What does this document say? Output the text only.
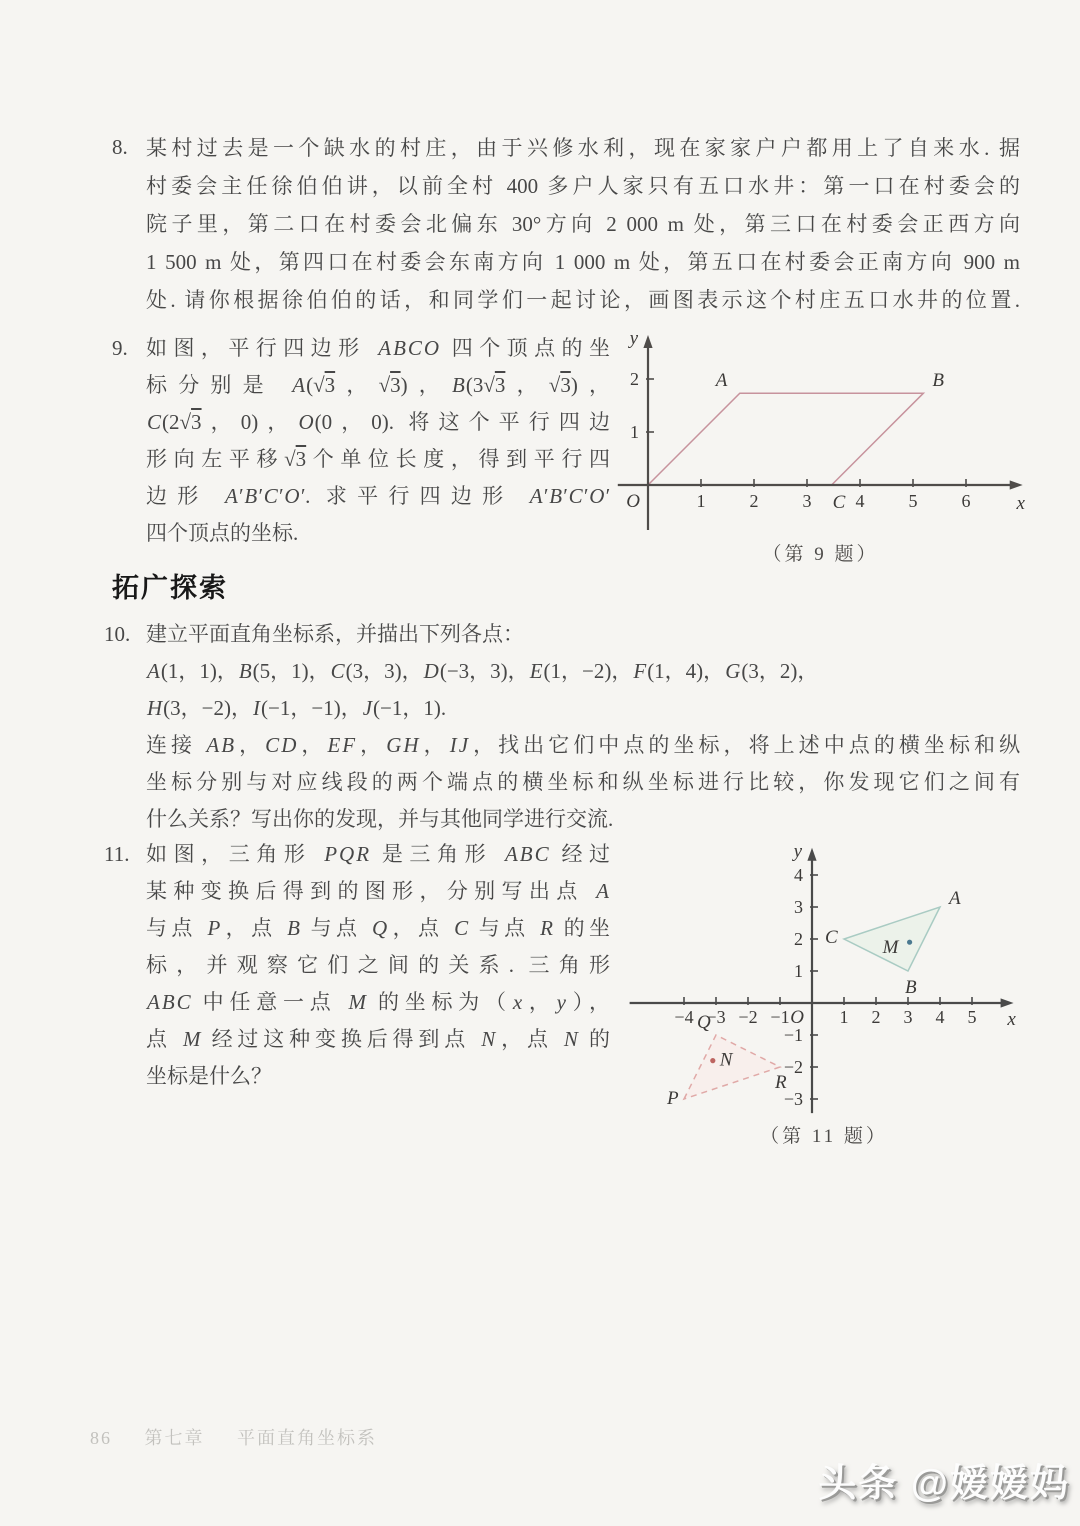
8. 某村过去是一个缺水的村庄，由于兴修水利，现在家家户户都用上了自来水. 据
村委会主任徐伯伯讲，以前全村 400 多户人家只有五口水井：第一口在村委会的
院子里，第二口在村委会北偏东 30°方向 2 000 m 处，第三口在村委会正西方向
1 500 m 处，第四口在村委会东南方向 1 000 m 处，第五口在村委会正南方向 900 m
处. 请你根据徐伯伯的话，和同学们一起讨论，画图表示这个村庄五口水井的位置.
9. 如图，平行四边形 ABCO 四个顶点的坐
标分别是 A(√3，√3)，B(3√3，√3)，
C(2√3，0)，O(0，0). 将这个平行四边
形向左平移√3个单位长度，得到平行四
边形 A′B′C′O′. 求平行四边形 A′B′C′O′
四个顶点的坐标.
1 2 3 4 5 6
1
2
O	x
y
A	B
C
（第 9 题）
拓广探索
10. 建立平面直角坐标系，并描出下列各点：
A(1，1)，B(5，1)，C(3，3)，D(−3，3)，E(1，−2)，F(1，4)，G(3，2)，
H(3，−2)，I(−1，−1)，J(−1，1).
连接 AB，CD，EF，GH，IJ，找出它们中点的坐标，将上述中点的横坐标和纵
坐标分别与对应线段的两个端点的横坐标和纵坐标进行比较，你发现它们之间有
什么关系？写出你的发现，并与其他同学进行交流.
11. 如图，三角形 PQR 是三角形 ABC 经过
某种变换后得到的图形，分别写出点 A
与点 P，点 B 与点 Q，点 C 与点 R 的坐
标，并观察它们之间的关系. 三角形
ABC 中任意一点 M 的坐标为（x，y），
点 M 经过这种变换后得到点 N，点 N 的
坐标是什么？
−4 −3 −2 −1	1 2 3 4 5
−3
−2
−1
1
2
3
4
O	x
y
A
B
C M
N
P
Q
R
（第 11 题）
86 第七章 平面直角坐标系
头条 @嫒嫒妈
